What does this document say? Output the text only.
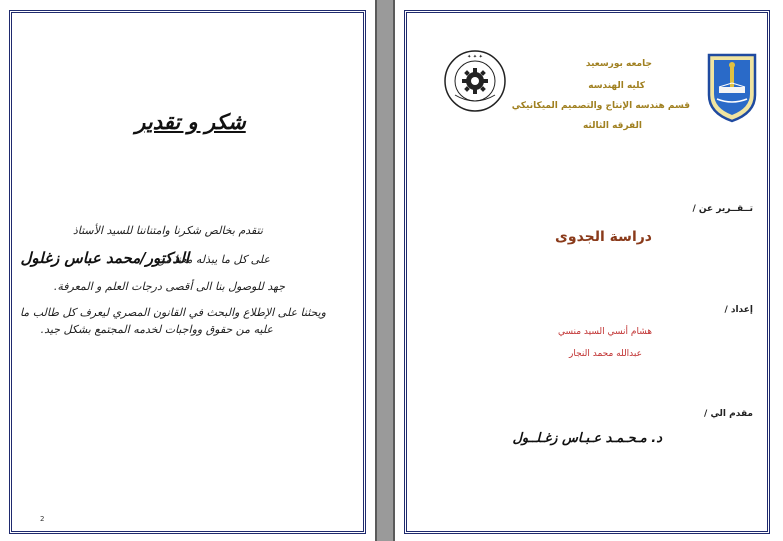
شكر و تقدير
نتقدم بخالص شكرنا وامتناننا للسيد الأستاذ
الدكتور/محمد عباس زغلول
على كل ما يبذله معنا من
جهد للوصول بنا الى أقصى درجات العلم و المعرفة.
ويحثنا على الإطلاع والبحث في القانون المصري ليعرف كل طالب ما
عليه من حقوق وواجبات لخدمه المجتمع بشكل جيد.
2
✦ ✦ ✦
جامعه بورسعيد
كليه الهندسه
قسم هندسه الإنتاج والتصميم الميكانيكي
الفرقه الثالثه
تــقــرير عن /
دراسة الجدوى
إعداد /
هشام أنسي السيد منسي
عبدالله محمد النجار
مقدم الي /
د. مـحـمـد عـبـاس زغـلــول
